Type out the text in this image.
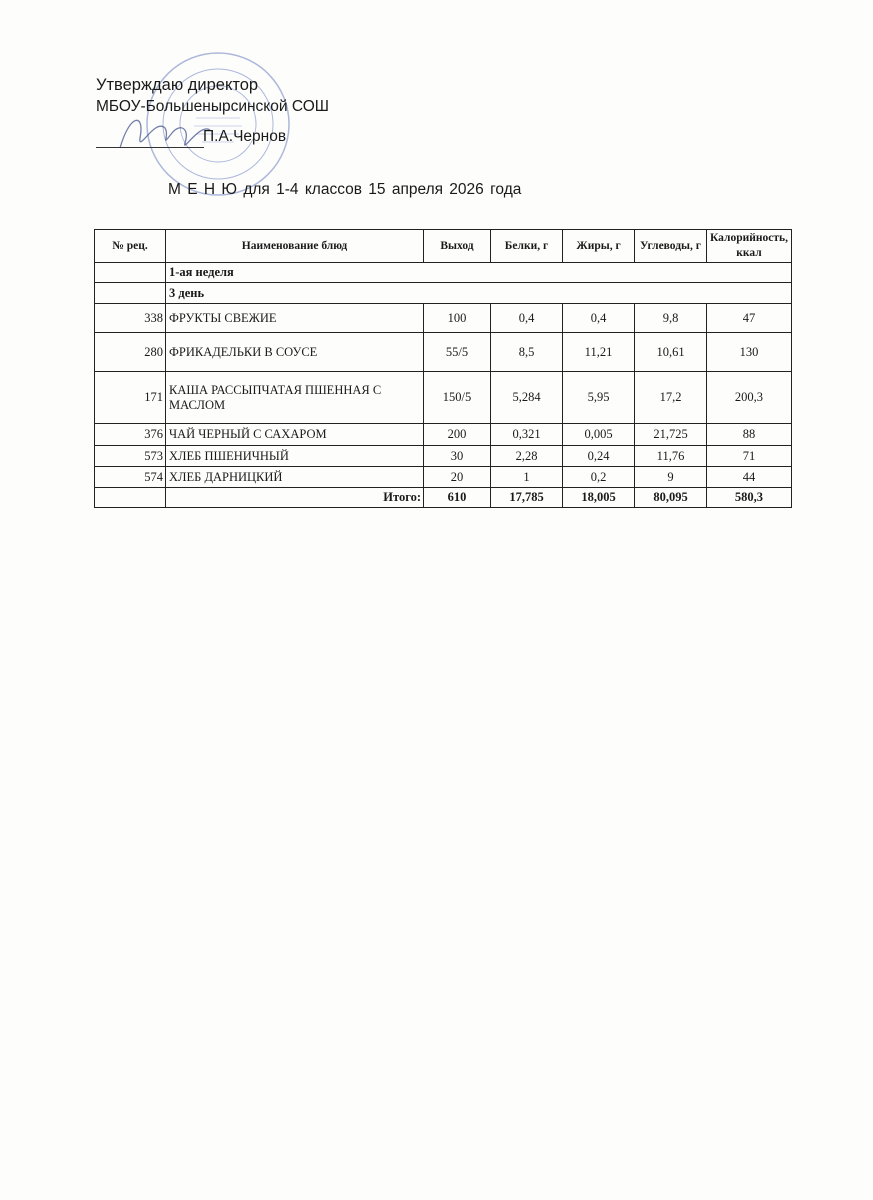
Утверждаю директор
МБОУ-Большенырсинской СОШ
П.А.Чернов
М Е Н Ю для 1-4 классов 15 апреля 2026 года
№ рец.	Наименование блюд	Выход	Белки, г	Жиры, г	Углеводы, г	Калорийность, ккал
	1-ая неделя					
	3 день					
338	ФРУКТЫ СВЕЖИЕ	100	0,4	0,4	9,8	47
280	ФРИКАДЕЛЬКИ В СОУСЕ	55/5	8,5	11,21	10,61	130
171	КАША РАССЫПЧАТАЯ ПШЕННАЯ С МАСЛОМ	150/5	5,284	5,95	17,2	200,3
376	ЧАЙ ЧЕРНЫЙ С САХАРОМ	200	0,321	0,005	21,725	88
573	ХЛЕБ ПШЕНИЧНЫЙ	30	2,28	0,24	11,76	71
574	ХЛЕБ ДАРНИЦКИЙ	20	1	0,2	9	44
	Итого:	610	17,785	18,005	80,095	580,3
